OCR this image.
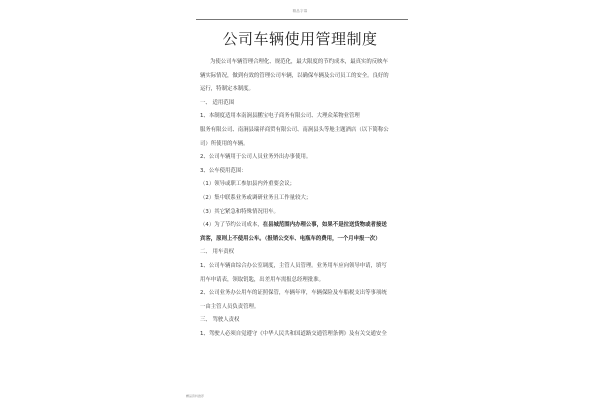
精品字幕
公司车辆使用管理制度

为使公司车辆管理合理化、规范化，最大限度的节约成本，最真实的反映车

辆实际情况，做到有效的管理公司车辆，以确保车辆及公司员工的安全。良好的

运行，特制定本制度。

一、 适用范围

1、本制度适用本南涧县鹏宝电子商务有限公司、大理众茱物业管理

服务有限公司、南涧县瑞祥商贸有限公司、南涧县头等舱主题酒店（以下简称公

司）所使用的车辆。

2、公司车辆用于公司人员业务外出办事使用。

3、公车使用范围：

（1）领导或职工参加县内外重要会议；

（2）集中联系业务或调研业务且工作量较大；

（3）其它紧急和特殊情况用车。

（4）为了节约公司成本，在县城范围内办理公事，如果不是拉送货物或者接送

宾客，原则上不使用公车。（报销公交车、电瓶车的费用，一个月申报一次）

二、 用车责权

1、公司车辆由综合办公室调度，主管人员管理。业务用车应向领导申请，填写

用车申请表，领取钥匙，出差用车需报总经理批准。

2、公司业务办公用车的证照保管，车辆年审，车辆保险及车船税支出等事项统

一由主管人员负责管理。

三、 驾驶人责权

1、驾驶人必须自觉遵守《中华人民共和国道路交通管理条例》及有关交通安全

精品资料推荐
